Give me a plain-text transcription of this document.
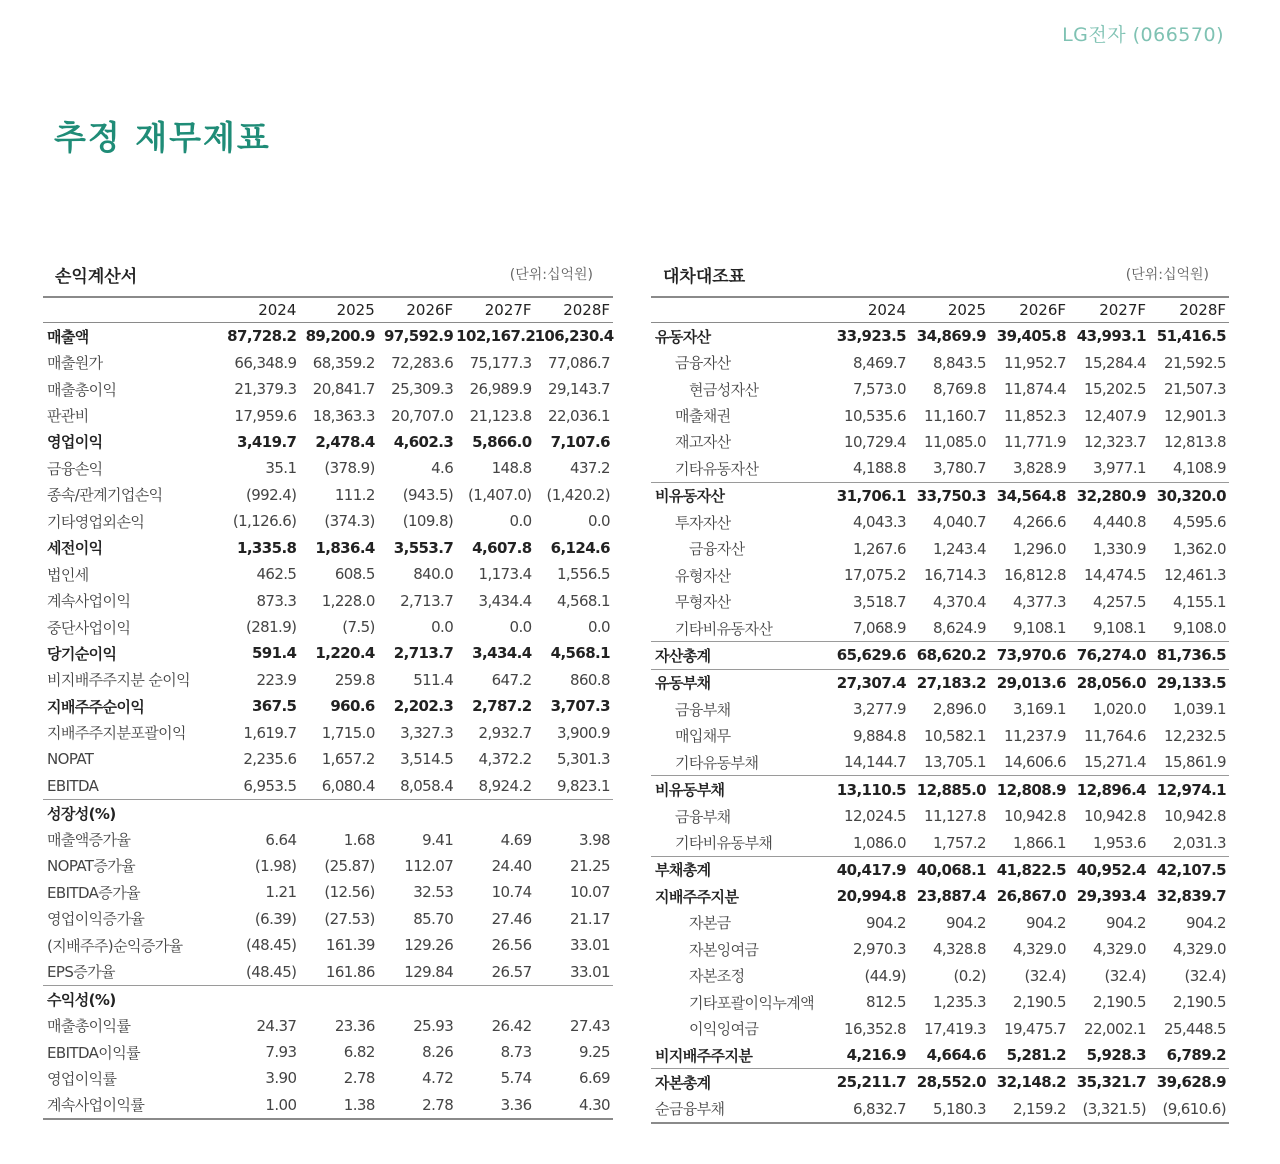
LG전자 (066570)
추정 재무제표
손익계산서	(단위:십억원)
	2024	2025	2026F	2027F	2028F
매출액	87,728.2	89,200.9	97,592.9	102,167.2	106,230.4
매출원가	66,348.9	68,359.2	72,283.6	75,177.3	77,086.7
매출총이익	21,379.3	20,841.7	25,309.3	26,989.9	29,143.7
판관비	17,959.6	18,363.3	20,707.0	21,123.8	22,036.1
영업이익	3,419.7	2,478.4	4,602.3	5,866.0	7,107.6
금융손익	35.1	(378.9)	4.6	148.8	437.2
종속/관계기업손익	(992.4)	111.2	(943.5)	(1,407.0)	(1,420.2)
기타영업외손익	(1,126.6)	(374.3)	(109.8)	0.0	0.0
세전이익	1,335.8	1,836.4	3,553.7	4,607.8	6,124.6
법인세	462.5	608.5	840.0	1,173.4	1,556.5
계속사업이익	873.3	1,228.0	2,713.7	3,434.4	4,568.1
중단사업이익	(281.9)	(7.5)	0.0	0.0	0.0
당기순이익	591.4	1,220.4	2,713.7	3,434.4	4,568.1
비지배주주지분 순이익	223.9	259.8	511.4	647.2	860.8
지배주주순이익	367.5	960.6	2,202.3	2,787.2	3,707.3
지배주주지분포괄이익	1,619.7	1,715.0	3,327.3	2,932.7	3,900.9
NOPAT	2,235.6	1,657.2	3,514.5	4,372.2	5,301.3
EBITDA	6,953.5	6,080.4	8,058.4	8,924.2	9,823.1
성장성(%)					
매출액증가율	6.64	1.68	9.41	4.69	3.98
NOPAT증가율	(1.98)	(25.87)	112.07	24.40	21.25
EBITDA증가율	1.21	(12.56)	32.53	10.74	10.07
영업이익증가율	(6.39)	(27.53)	85.70	27.46	21.17
(지배주주)순익증가율	(48.45)	161.39	129.26	26.56	33.01
EPS증가율	(48.45)	161.86	129.84	26.57	33.01
수익성(%)					
매출총이익률	24.37	23.36	25.93	26.42	27.43
EBITDA이익률	7.93	6.82	8.26	8.73	9.25
영업이익률	3.90	2.78	4.72	5.74	6.69
계속사업이익률	1.00	1.38	2.78	3.36	4.30
대차대조표	(단위:십억원)
	2024	2025	2026F	2027F	2028F
유동자산	33,923.5	34,869.9	39,405.8	43,993.1	51,416.5
금융자산	8,469.7	8,843.5	11,952.7	15,284.4	21,592.5
현금성자산	7,573.0	8,769.8	11,874.4	15,202.5	21,507.3
매출채권	10,535.6	11,160.7	11,852.3	12,407.9	12,901.3
재고자산	10,729.4	11,085.0	11,771.9	12,323.7	12,813.8
기타유동자산	4,188.8	3,780.7	3,828.9	3,977.1	4,108.9
비유동자산	31,706.1	33,750.3	34,564.8	32,280.9	30,320.0
투자자산	4,043.3	4,040.7	4,266.6	4,440.8	4,595.6
금융자산	1,267.6	1,243.4	1,296.0	1,330.9	1,362.0
유형자산	17,075.2	16,714.3	16,812.8	14,474.5	12,461.3
무형자산	3,518.7	4,370.4	4,377.3	4,257.5	4,155.1
기타비유동자산	7,068.9	8,624.9	9,108.1	9,108.1	9,108.0
자산총계	65,629.6	68,620.2	73,970.6	76,274.0	81,736.5
유동부채	27,307.4	27,183.2	29,013.6	28,056.0	29,133.5
금융부채	3,277.9	2,896.0	3,169.1	1,020.0	1,039.1
매입채무	9,884.8	10,582.1	11,237.9	11,764.6	12,232.5
기타유동부채	14,144.7	13,705.1	14,606.6	15,271.4	15,861.9
비유동부채	13,110.5	12,885.0	12,808.9	12,896.4	12,974.1
금융부채	12,024.5	11,127.8	10,942.8	10,942.8	10,942.8
기타비유동부채	1,086.0	1,757.2	1,866.1	1,953.6	2,031.3
부채총계	40,417.9	40,068.1	41,822.5	40,952.4	42,107.5
지배주주지분	20,994.8	23,887.4	26,867.0	29,393.4	32,839.7
자본금	904.2	904.2	904.2	904.2	904.2
자본잉여금	2,970.3	4,328.8	4,329.0	4,329.0	4,329.0
자본조정	(44.9)	(0.2)	(32.4)	(32.4)	(32.4)
기타포괄이익누계액	812.5	1,235.3	2,190.5	2,190.5	2,190.5
이익잉여금	16,352.8	17,419.3	19,475.7	22,002.1	25,448.5
비지배주주지분	4,216.9	4,664.6	5,281.2	5,928.3	6,789.2
자본총계	25,211.7	28,552.0	32,148.2	35,321.7	39,628.9
순금융부채	6,832.7	5,180.3	2,159.2	(3,321.5)	(9,610.6)
